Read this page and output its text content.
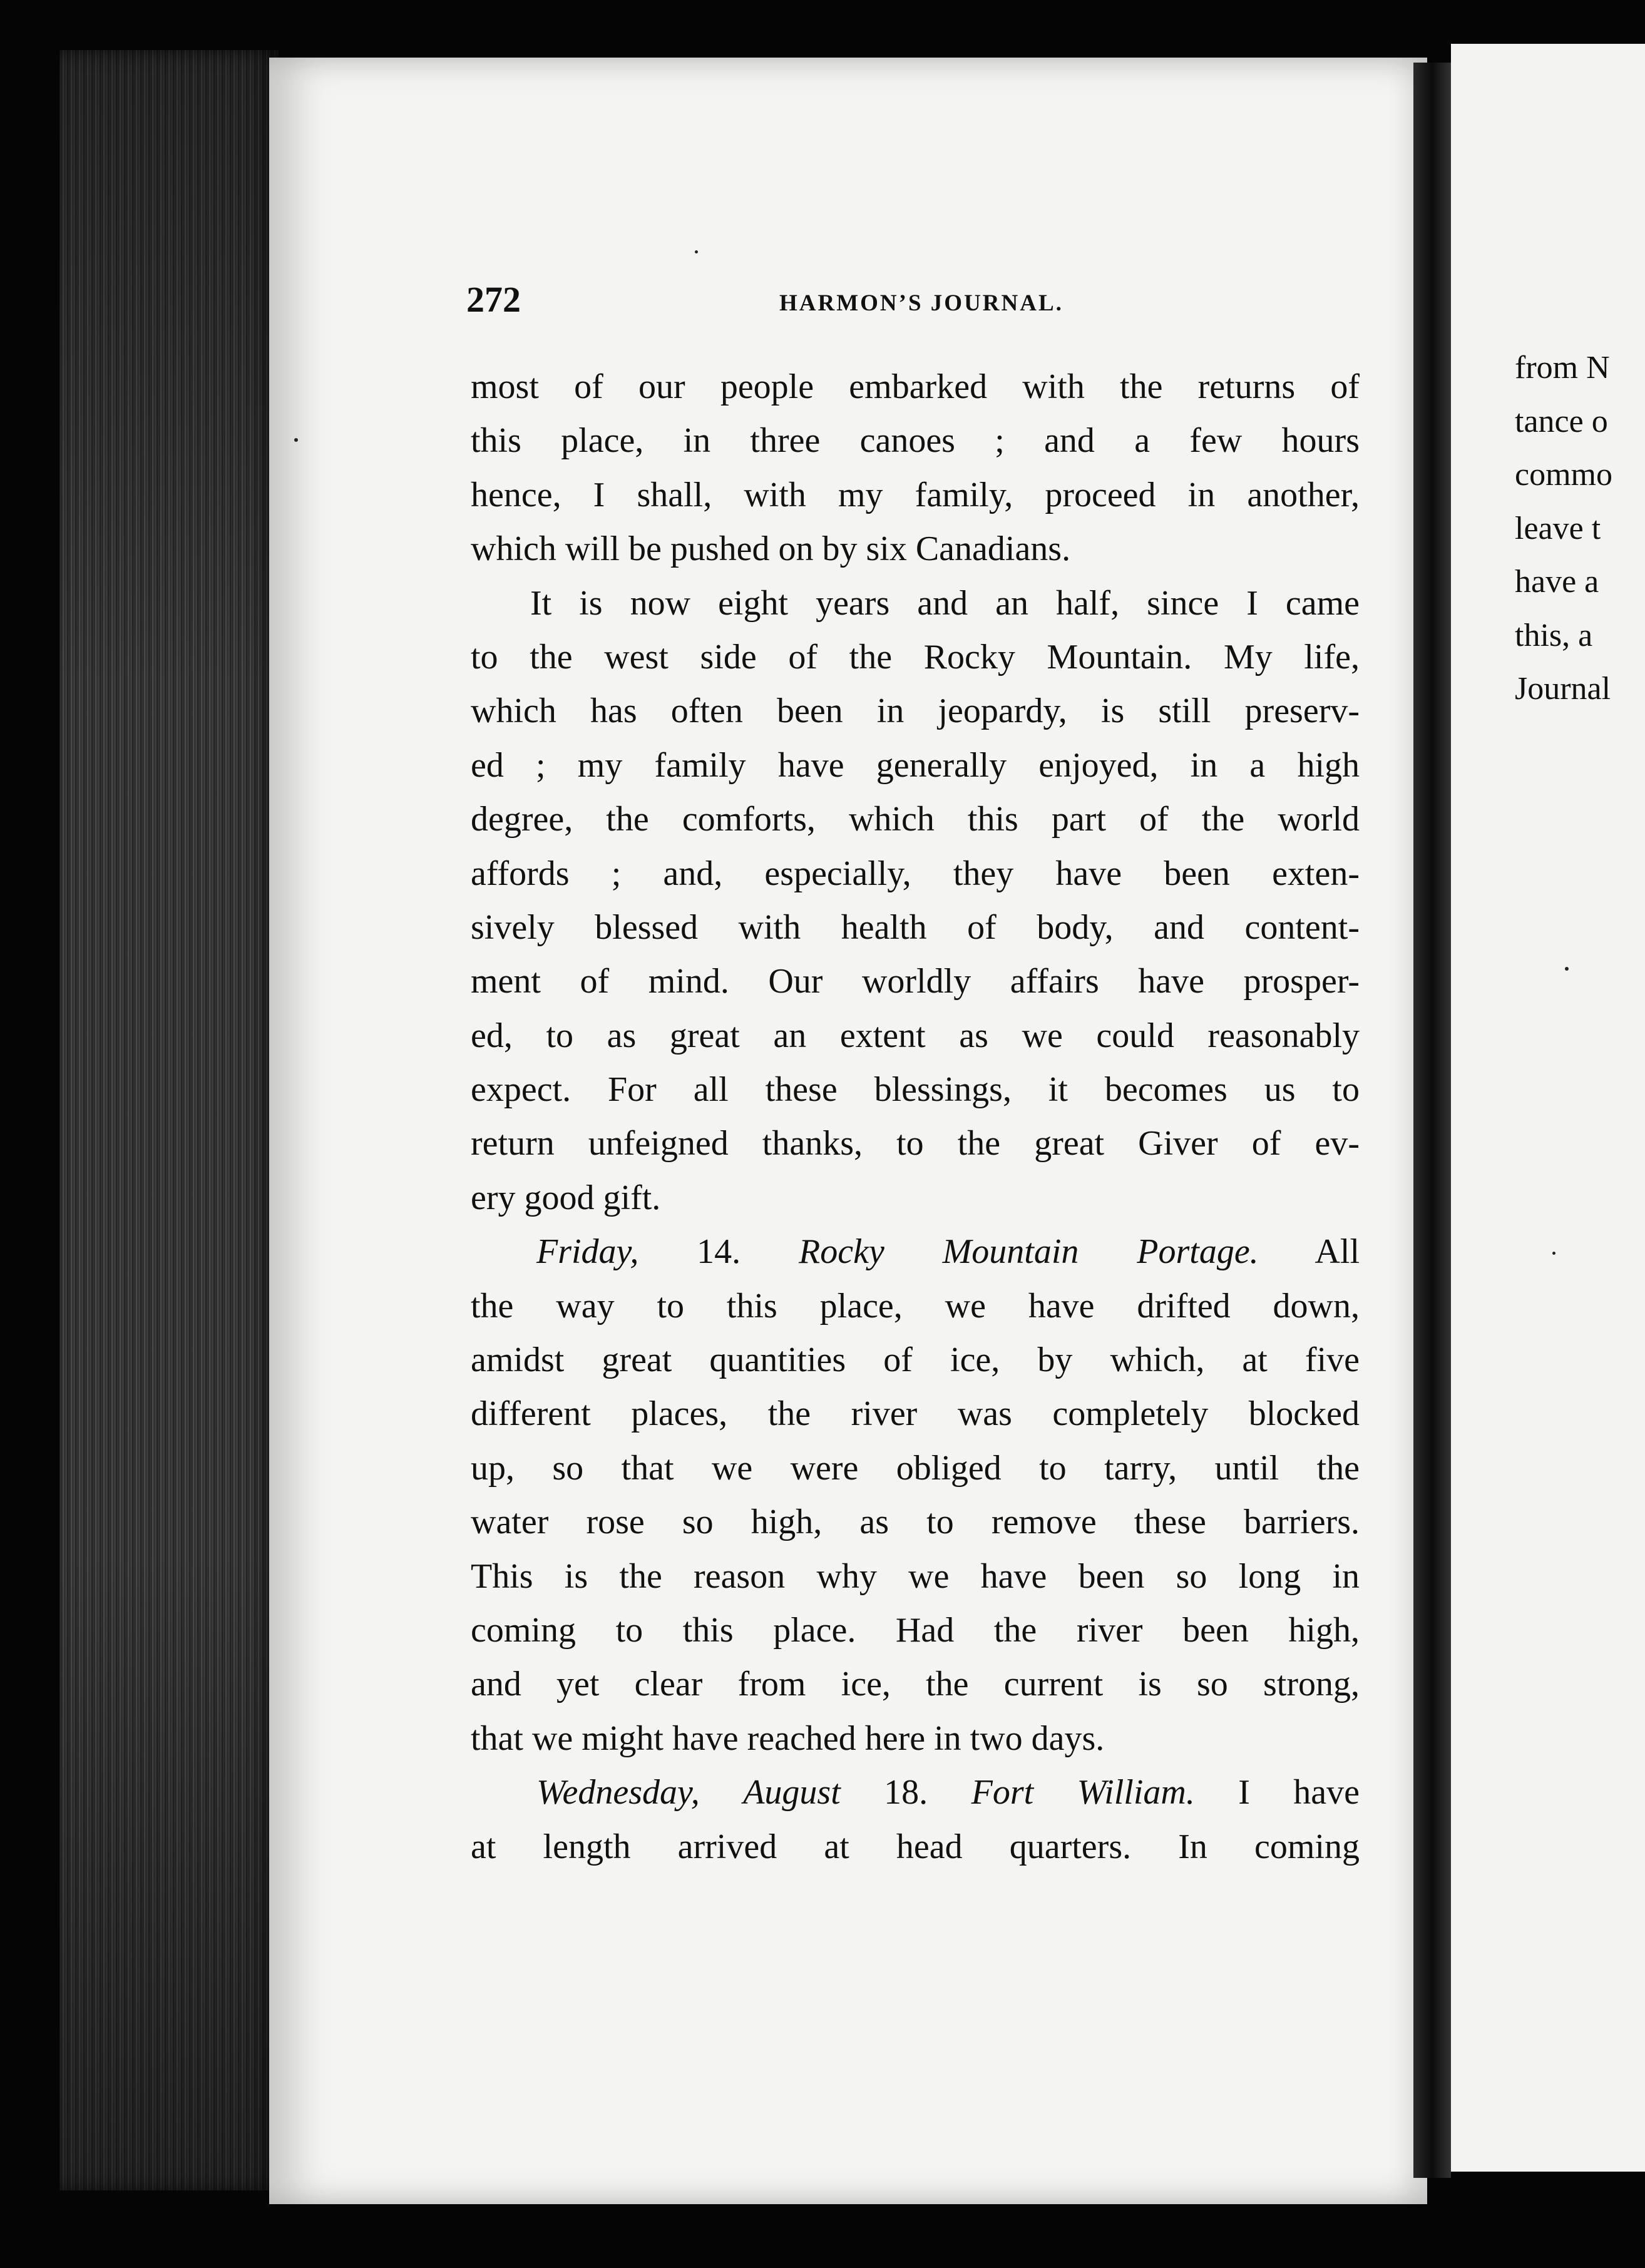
272	HARMON’S JOURNAL.
most of our people embarked with the returns of
this place, in three canoes ; and a few hours
hence, I shall, with my family, proceed in another,
which will be pushed on by six Canadians.
It is now eight years and an half, since I came
to the west side of the Rocky Mountain. My life,
which has often been in jeopardy, is still preserv-
ed ; my family have generally enjoyed, in a high
degree, the comforts, which this part of the world
affords ; and, especially, they have been exten-
sively blessed with health of body, and content-
ment of mind. Our worldly affairs have prosper-
ed, to as great an extent as we could reasonably
expect. For all these blessings, it becomes us to
return unfeigned thanks, to the great Giver of ev-
ery good gift.
Friday, 14. Rocky Mountain Portage. All
the way to this place, we have drifted down,
amidst great quantities of ice, by which, at five
different places, the river was completely blocked
up, so that we were obliged to tarry, until the
water rose so high, as to remove these barriers.
This is the reason why we have been so long in
coming to this place. Had the river been high,
and yet clear from ice, the current is so strong,
that we might have reached here in two days.
Wednesday, August 18. Fort William. I have
at length arrived at head quarters. In coming
from N
tance o
commo
leave t
have a
this, a
Journal
